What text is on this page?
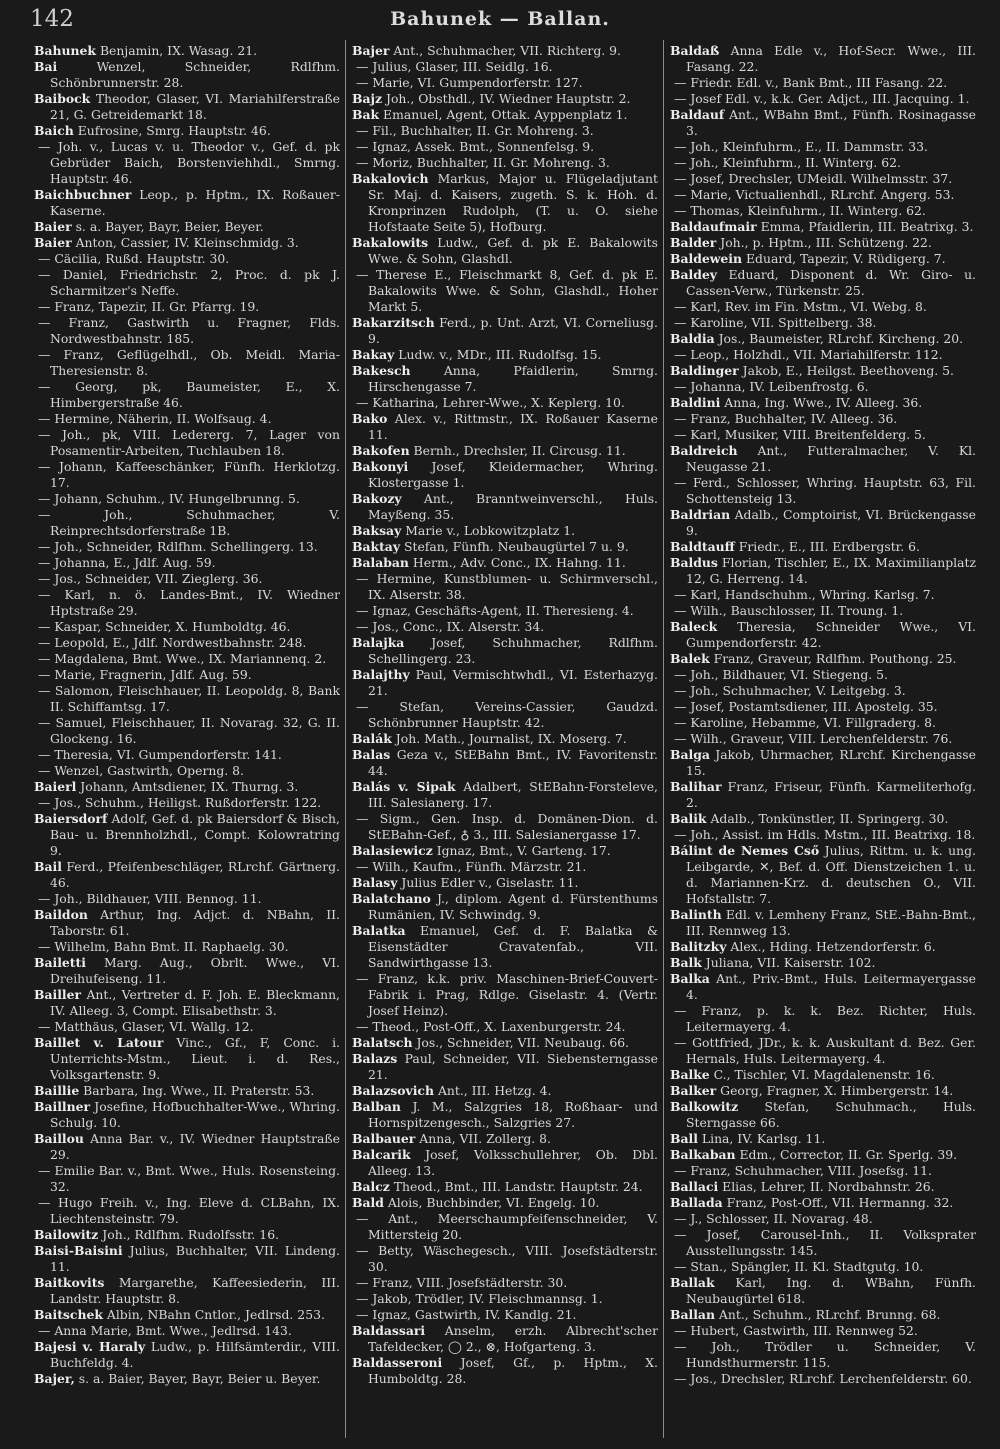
142	Bahunek — Ballan.

Bahunek Benjamin, IX. Wasag. 21.

Bai	Wenzel, Schneider, Rdlfhm. Schönbrunnerstr. 28.

Baibock Theodor, Glaser, VI. Mariahilferstraße 21, G. Getreidemarkt 18.

Baich Eufrosine, Smrg. Hauptstr. 46.

— Joh. v., Lucas v. u. Theodor v., Gef. d. pk Gebrüder Baich, Borstenviehhdl., Smrng. Hauptstr. 46.

Baichbuchner Leop., p. Hptm., IX. Roßauer-Kaserne.

Baier s. a. Bayer, Bayr, Beier, Beyer.

Baier Anton, Cassier, IV. Kleinschmidg. 3.

— Cäcilia, Rußd. Hauptstr. 30.

— Daniel, Friedrichstr. 2, Proc. d. pk J. Scharmitzer's Neffe.

— Franz, Tapezir, II. Gr. Pfarrg. 19.

— Franz, Gastwirth u. Fragner, Flds. Nordwestbahnstr. 185.

— Franz, Geflügelhdl., Ob. Meidl. Maria-Theresienstr. 8.

— Georg, pk, Baumeister, E., X. Himbergerstraße 46.

— Hermine, Näherin, II. Wolfsaug. 4.

— Joh., pk, VIII. Ledererg. 7, Lager von Posamentir-Arbeiten, Tuchlauben 18.

— Johann, Kaffeeschänker, Fünfh. Herklotzg. 17.

— Johann, Schuhm., IV. Hungelbrunng. 5.

— Joh., Schuhmacher, V. Reinprechtsdorferstraße 1B.

— Joh., Schneider, Rdlfhm. Schellingerg. 13.

— Johanna, E., Jdlf. Aug. 59.

— Jos., Schneider, VII. Zieglerg. 36.

— Karl, n. ö. Landes-Bmt., IV. Wiedner Hptstraße 29.

— Kaspar, Schneider, X. Humboldtg. 46.

— Leopold, E., Jdlf. Nordwestbahnstr. 248.

— Magdalena, Bmt. Wwe., IX. Mariannenq. 2.

— Marie, Fragnerin, Jdlf. Aug. 59.

— Salomon, Fleischhauer, II. Leopoldg. 8, Bank II. Schiffamtsg. 17.

— Samuel, Fleischhauer, II. Novarag. 32, G. II. Glockeng. 16.

— Theresia, VI. Gumpendorferstr. 141.

— Wenzel, Gastwirth, Operng. 8.

Baierl Johann, Amtsdiener, IX. Thurng. 3.

— Jos., Schuhm., Heiligst. Rußdorferstr. 122.

Baiersdorf Adolf, Gef. d. pk Baiersdorf & Bisch, Bau- u. Brennholzhdl., Compt. Kolowratring 9.

Bail Ferd., Pfeifenbeschläger, RLrchf. Gärtnerg. 46.

— Joh., Bildhauer, VIII. Bennog. 11.

Baildon Arthur, Ing. Adjct. d. NBahn, II. Taborstr. 61.

— Wilhelm, Bahn Bmt. II. Raphaelg. 30.

Bailetti Marg. Aug., Obrlt. Wwe., VI. Dreihufeiseng. 11.

Bailler Ant., Vertreter d. F. Joh. E. Bleckmann, IV. Alleeg. 3, Compt. Elisabethstr. 3.

— Matthäus, Glaser, VI. Wallg. 12.

Baillet v. Latour Vinc., Gf., F, Conc. i. Unterrichts-Mstm., Lieut. i. d. Res., Volksgartenstr. 9.

Baillie Barbara, Ing. Wwe., II. Praterstr. 53.

Baillner Josefine, Hofbuchhalter-Wwe., Whring. Schulg. 10.

Baillou Anna Bar. v., IV. Wiedner Hauptstraße 29.

— Emilie Bar. v., Bmt. Wwe., Huls. Rosensteing. 32.

— Hugo Freih. v., Ing. Eleve d. CLBahn, IX. Liechtensteinstr. 79.

Bailowitz Joh., Rdlfhm. Rudolfsstr. 16.

Baisi-Baisini Julius, Buchhalter, VII. Lindeng. 11.

Baitkovits Margarethe, Kaffeesiederin, III. Landstr. Hauptstr. 8.

Baitschek Albin, NBahn Cntlor., Jedlrsd. 253.

— Anna Marie, Bmt. Wwe., Jedlrsd. 143.

Bajesi v. Haraly Ludw., p. Hilfsämterdir., VIII. Buchfeldg. 4.

Bajer, s. a. Baier, Bayer, Bayr, Beier u. Beyer.

Bajer Ant., Schuhmacher, VII. Richterg. 9.

— Julius, Glaser, III. Seidlg. 16.

— Marie, VI. Gumpendorferstr. 127.

Bajz Joh., Obsthdl., IV. Wiedner Hauptstr. 2.

Bak Emanuel, Agent, Ottak. Ayppenplatz 1.

— Fil., Buchhalter, II. Gr. Mohreng. 3.

— Ignaz, Assek. Bmt., Sonnenfelsg. 9.

— Moriz, Buchhalter, II. Gr. Mohreng. 3.

Bakalovich Markus, Major u. Flügeladjutant Sr. Maj. d. Kaisers, zugeth. S. k. Hoh. d. Kronprinzen Rudolph, (T. u. O. siehe Hofstaate Seite 5), Hofburg.

Bakalowits Ludw., Gef. d. pk E. Bakalowits Wwe. & Sohn, Glashdl.

— Therese E., Fleischmarkt 8, Gef. d. pk E. Bakalowits Wwe. & Sohn, Glashdl., Hoher Markt 5.

Bakarzitsch Ferd., p. Unt. Arzt, VI. Corneliusg. 9.

Bakay Ludw. v., MDr., III. Rudolfsg. 15.

Bakesch	Anna, Pfaidlerin, Smrng. Hirschengasse 7.

— Katharina, Lehrer-Wwe., X. Keplerg. 10.

Bako Alex. v., Rittmstr., IX. Roßauer Kaserne 11.

Bakofen Bernh., Drechsler, II. Circusg. 11.

Bakonyi Josef, Kleidermacher, Whring. Klostergasse 1.

Bakozy Ant., Branntweinverschl., Huls. Mayßeng. 35.

Baksay Marie v., Lobkowitzplatz 1.

Baktay Stefan, Fünfh. Neubaugürtel 7 u. 9.

Balaban Herm., Adv. Conc., IX. Hahng. 11.

— Hermine, Kunstblumen- u. Schirmverschl., IX. Alserstr. 38.

— Ignaz, Geschäfts-Agent, II. Theresieng. 4.

— Jos., Conc., IX. Alserstr. 34.

Balajka Josef, Schuhmacher, Rdlfhm. Schellingerg. 23.

Balajthy Paul, Vermischtwhdl., VI. Esterhazyg. 21.

— Stefan, Vereins-Cassier, Gaudzd. Schönbrunner Hauptstr. 42.

Balák Joh. Math., Journalist, IX. Moserg. 7.

Balas Geza v., StEBahn Bmt., IV. Favoritenstr. 44.

Balás v. Sipak Adalbert, StEBahn-Forsteleve, III. Salesianerg. 17.

— Sigm., Gen. Insp. d. Domänen-Dion. d. StEBahn-Gef., ♁ 3., III. Salesianergasse 17.

Balasiewicz Ignaz, Bmt., V. Garteng. 17.

— Wilh., Kaufm., Fünfh. Märzstr. 21.

Balasy Julius Edler v., Giselastr. 11.

Balatchano J., diplom. Agent d. Fürstenthums Rumänien, IV. Schwindg. 9.

Balatka Emanuel, Gef. d. F. Balatka & Eisenstädter Cravatenfab., VII. Sandwirthgasse 13.

— Franz, k.k. priv. Maschinen-Brief-Couvert-Fabrik i. Prag, Rdlge. Giselastr. 4. (Vertr. Josef Heinz).

— Theod., Post-Off., X. Laxenburgerstr. 24.

Balatsch Jos., Schneider, VII. Neubaug. 66.

Balazs Paul, Schneider, VII. Siebensterngasse 21.

Balazsovich Ant., III. Hetzg. 4.

Balban J. M., Salzgries 18, Roßhaar- und Hornspitzengesch., Salzgries 27.

Balbauer Anna, VII. Zollerg. 8.

Balcarik Josef, Volksschullehrer, Ob. Dbl. Alleeg. 13.

Balcz Theod., Bmt., III. Landstr. Hauptstr. 24.

Bald Alois, Buchbinder, VI. Engelg. 10.

— Ant., Meerschaumpfeifenschneider, V. Mittersteig 20.

— Betty, Wäschegesch., VIII. Josefstädterstr. 30.

— Franz, VIII. Josefstädterstr. 30.

— Jakob, Trödler, IV. Fleischmannsg. 1.

— Ignaz, Gastwirth, IV. Kandlg. 21.

Baldassari Anselm, erzh. Albrecht'scher Tafeldecker, ◯ 2., ⊗, Hofgarteng. 3.

Baldasseroni Josef, Gf., p. Hptm., X. Humboldtg. 28.

Baldaß Anna Edle v., Hof-Secr. Wwe., III. Fasang. 22.

— Friedr. Edl. v., Bank Bmt., III Fasang. 22.

— Josef Edl. v., k.k. Ger. Adjct., III. Jacquing. 1.

Baldauf Ant., WBahn Bmt., Fünfh. Rosinagasse 3.

— Joh., Kleinfuhrm., E., II. Dammstr. 33.

— Joh., Kleinfuhrm., II. Winterg. 62.

— Josef, Drechsler, UMeidl. Wilhelmsstr. 37.

— Marie, Victualienhdl., RLrchf. Angerg. 53.

— Thomas, Kleinfuhrm., II. Winterg. 62.

Baldaufmair Emma, Pfaidlerin, III. Beatrixg. 3.

Balder Joh., p. Hptm., III. Schützeng. 22.

Baldewein Eduard, Tapezir, V. Rüdigerg. 7.

Baldey Eduard, Disponent d. Wr. Giro- u. Cassen-Verw., Türkenstr. 25.

— Karl, Rev. im Fin. Mstm., VI. Webg. 8.

— Karoline, VII. Spittelberg. 38.

Baldia Jos., Baumeister, RLrchf. Kircheng. 20.

— Leop., Holzhdl., VII. Mariahilferstr. 112.

Baldinger Jakob, E., Heilgst. Beethoveng. 5.

— Johanna, IV. Leibenfrostg. 6.

Baldini Anna, Ing. Wwe., IV. Alleeg. 36.

— Franz, Buchhalter, IV. Alleeg. 36.

— Karl, Musiker, VIII. Breitenfelderg. 5.

Baldreich Ant., Futteralmacher, V. Kl. Neugasse 21.

— Ferd., Schlosser, Whring. Hauptstr. 63, Fil. Schottensteig 13.

Baldrian Adalb., Comptoirist, VI. Brückengasse 9.

Baldtauff Friedr., E., III. Erdbergstr. 6.

Baldus Florian, Tischler, E., IX. Maximilianplatz 12, G. Herreng. 14.

— Karl, Handschuhm., Whring. Karlsg. 7.

— Wilh., Bauschlosser, II. Troung. 1.

Baleck Theresia, Schneider Wwe., VI. Gumpendorferstr. 42.

Balek Franz, Graveur, Rdlfhm. Pouthong. 25.

— Joh., Bildhauer, VI. Stiegeng. 5.

— Joh., Schuhmacher, V. Leitgebg. 3.

— Josef, Postamtsdiener, III. Apostelg. 35.

— Karoline, Hebamme, VI. Fillgraderg. 8.

— Wilh., Graveur, VIII. Lerchenfelderstr. 76.

Balga Jakob, Uhrmacher, RLrchf. Kirchengasse 15.

Balihar Franz, Friseur, Fünfh. Karmeliterhofg. 2.

Balik Adalb., Tonkünstler, II. Springerg. 30.

— Joh., Assist. im Hdls. Mstm., III. Beatrixg. 18.

Bálint de Nemes Cső Julius, Rittm. u. k. ung. Leibgarde, ✕, Bef. d. Off. Dienstzeichen 1. u. d. Mariannen-Krz. d. deutschen O., VII. Hofstallstr. 7.

Balinth Edl. v. Lemheny Franz, StE.-Bahn-Bmt., III. Rennweg 13.

Balitzky Alex., Hding. Hetzendorferstr. 6.

Balk Juliana, VII. Kaiserstr. 102.

Balka Ant., Priv.-Bmt., Huls. Leitermayergasse 4.

— Franz, p. k. k. Bez. Richter, Huls. Leitermayerg. 4.

— Gottfried, JDr., k. k. Auskultant d. Bez. Ger. Hernals, Huls. Leitermayerg. 4.

Balke C., Tischler, VI. Magdalenenstr. 16.

Balker Georg, Fragner, X. Himbergerstr. 14.

Balkowitz Stefan, Schuhmach., Huls. Sterngasse 66.

Ball Lina, IV. Karlsg. 11.

Balkaban Edm., Corrector, II. Gr. Sperlg. 39.

— Franz, Schuhmacher, VIII. Josefsg. 11.

Ballaci Elias, Lehrer, II. Nordbahnstr. 26.

Ballada Franz, Post-Off., VII. Hermanng. 32.

— J., Schlosser, II. Novarag. 48.

— Josef, Carousel-Inh., II. Volksprater Ausstellungsstr. 145.

— Stan., Spängler, II. Kl. Stadtgutg. 10.

Ballak Karl, Ing. d. WBahn, Fünfh. Neubaugürtel 618.

Ballan Ant., Schuhm., RLrchf. Brunng. 68.

— Hubert, Gastwirth, III. Rennweg 52.

— Joh., Trödler u. Schneider, V. Hundsthurmerstr. 115.

— Jos., Drechsler, RLrchf. Lerchenfelderstr. 60.
